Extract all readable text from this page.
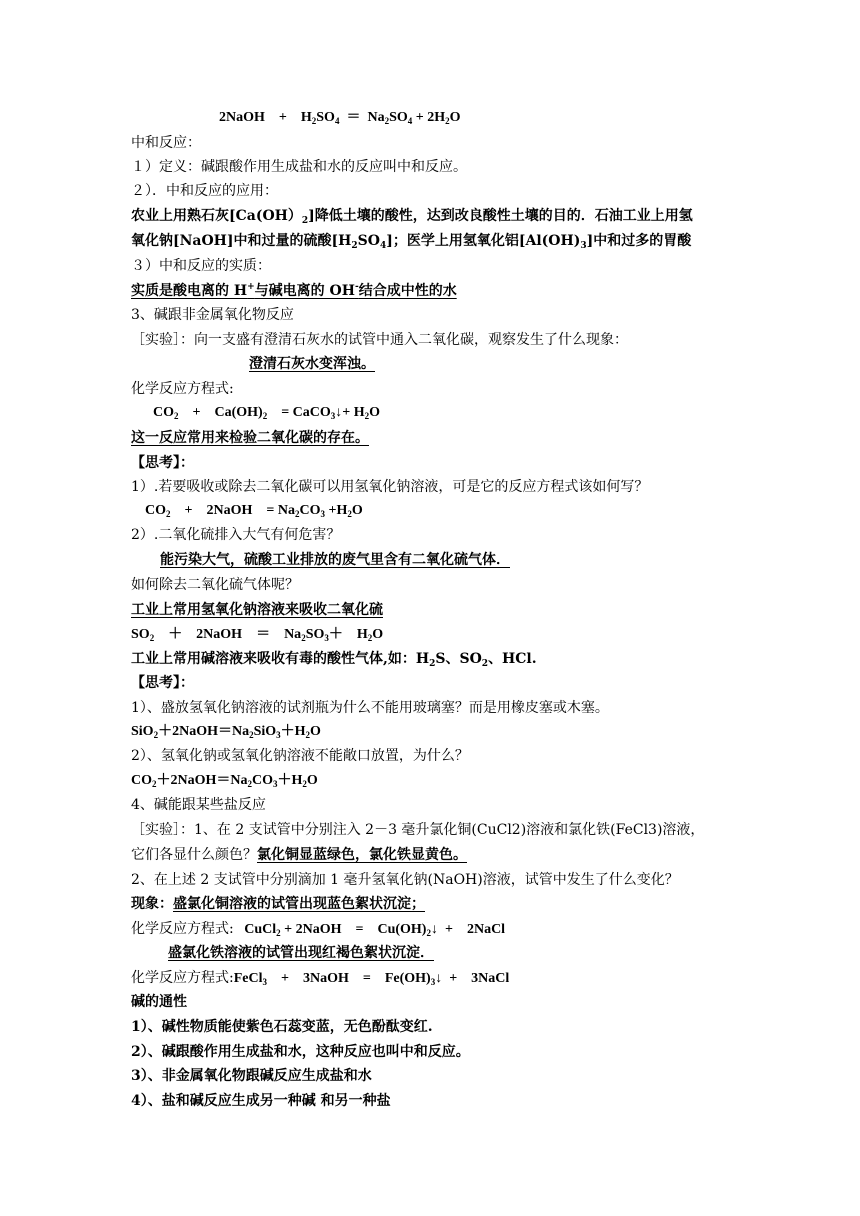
2NaOH + $H_2SO_4 = Na_2SO_4 + 2H_2O$
中和反应：
１）定义：碱跟酸作用生成盐和水的反应叫中和反应。
２）．中和反应的应用：
农业上用熟石灰$[Ca(OH)_2]$降低土壤的酸性，达到改良酸性土壤的目的．石油工业上用氢
氧化钠[NaOH]中和过量的硫酸$[H_2SO_4]$；医学上用氢氧化铝$[Al(OH)_3]$中和过多的胃酸
３）中和反应的实质：
实质是酸电离的 H+与碱电离的 OH-结合成中性的水
3、碱跟非金属氧化物反应
［实验］：向一支盛有澄清石灰水的试管中通入二氧化碳，观察发生了什么现象：
澄清石灰水变浑浊。
化学反应方程式:
$CO_2$    +    $Ca(OH)_2$    = CaCO$_3$↓+ $H_2O$
这一反应常用来检验二氧化碳的存在。
【思考】：
1）.若要吸收或除去二氧化碳可以用氢氧化钠溶液，可是它的反应方程式该如何写？
$CO_2$    +    2NaOH    = $Na_2CO_3 +H_2O$
2）.二氧化硫排入大气有何危害？
能污染大气，硫酸工业排放的废气里含有二氧化硫气体．
如何除去二氧化硫气体呢？
工业上常用氢氧化钠溶液来吸收二氧化硫
$SO_2$    ＋    2NaOH    ＝    $Na_2SO_3+$    $H_2O$
工业上常用碱溶液来吸收有毒的酸性气体,如：$H_2S$、$SO_2$、HCl.
【思考】：
1）、盛放氢氧化钠溶液的试剂瓶为什么不能用玻璃塞？而是用橡皮塞或木塞。
$SiO_2+2NaOH=Na_2SiO_3+H_2O$
2）、氢氧化钠或氢氧化钠溶液不能敞口放置，为什么？
$CO_2+2NaOH=Na_2CO_3+H_2O$
4、碱能跟某些盐反应
［实验］：1、在 2 支试管中分别注入 2－3 毫升氯化铜(CuCl2)溶液和氯化铁(FeCl3)溶液，
它们各显什么颜色？氯化铜显蓝绿色，氯化铁显黄色。
2、在上述 2 支试管中分别滴加 1 毫升氢氧化钠(NaOH)溶液，试管中发生了什么变化？
现象：盛氯化铜溶液的试管出现蓝色絮状沉淀；
化学反应方程式: CuCl$_2$ + 2NaOH    =    $Cu(OH)_2↓$  +    2NaCl
盛氯化铁溶液的试管出现红褐色絮状沉淀．
化学反应方程式:FeCl$_3$    +    3NaOH    =    $Fe(OH)_3↓$  +    3NaCl
碱的通性
1）、碱性物质能使紫色石蕊变蓝，无色酚酞变红.
2）、碱跟酸作用生成盐和水，这种反应也叫中和反应。
3）、非金属氧化物跟碱反应生成盐和水
4）、盐和碱反应生成另一种碱 和另一种盐
